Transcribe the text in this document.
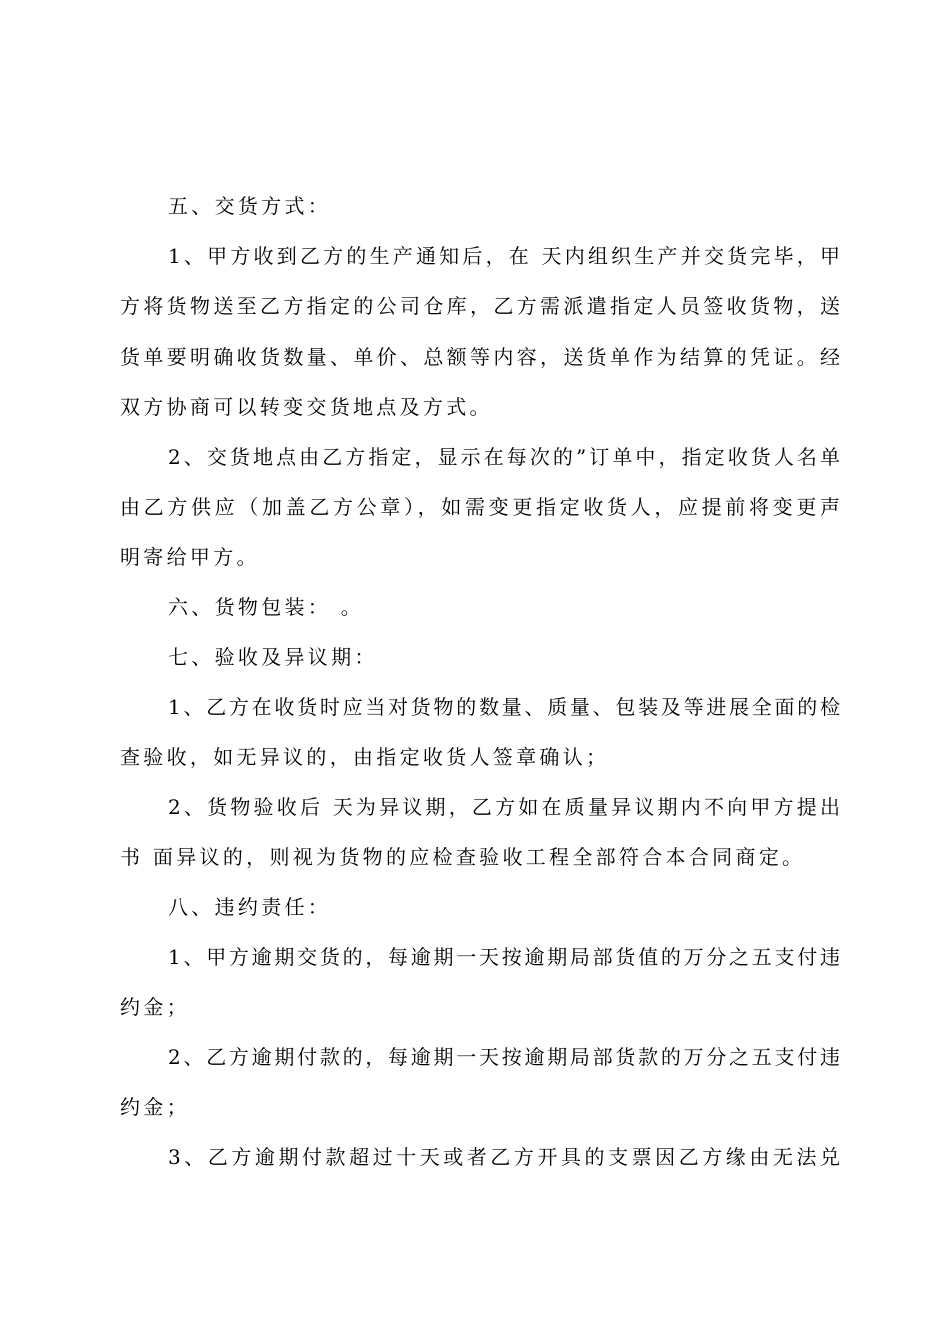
五、交货方式：
1、甲方收到乙方的生产通知后，在 天内组织生产并交货完毕，甲
方将货物送至乙方指定的公司仓库，乙方需派遣指定人员签收货物，送
货单要明确收货数量、单价、总额等内容，送货单作为结算的凭证。经
双方协商可以转变交货地点及方式。
2、交货地点由乙方指定，显示在每次的”订单中，指定收货人名单
由乙方供应（加盖乙方公章），如需变更指定收货人，应提前将变更声
明寄给甲方。
六、货物包装： 。
七、验收及异议期：
1、乙方在收货时应当对货物的数量、质量、包装及等进展全面的检
查验收，如无异议的，由指定收货人签章确认；
2、货物验收后 天为异议期，乙方如在质量异议期内不向甲方提出
书 面异议的，则视为货物的应检查验收工程全部符合本合同商定。
八、违约责任：
1、甲方逾期交货的，每逾期一天按逾期局部货值的万分之五支付违
约金；
2、乙方逾期付款的，每逾期一天按逾期局部货款的万分之五支付违
约金；
3、乙方逾期付款超过十天或者乙方开具的支票因乙方缘由无法兑
